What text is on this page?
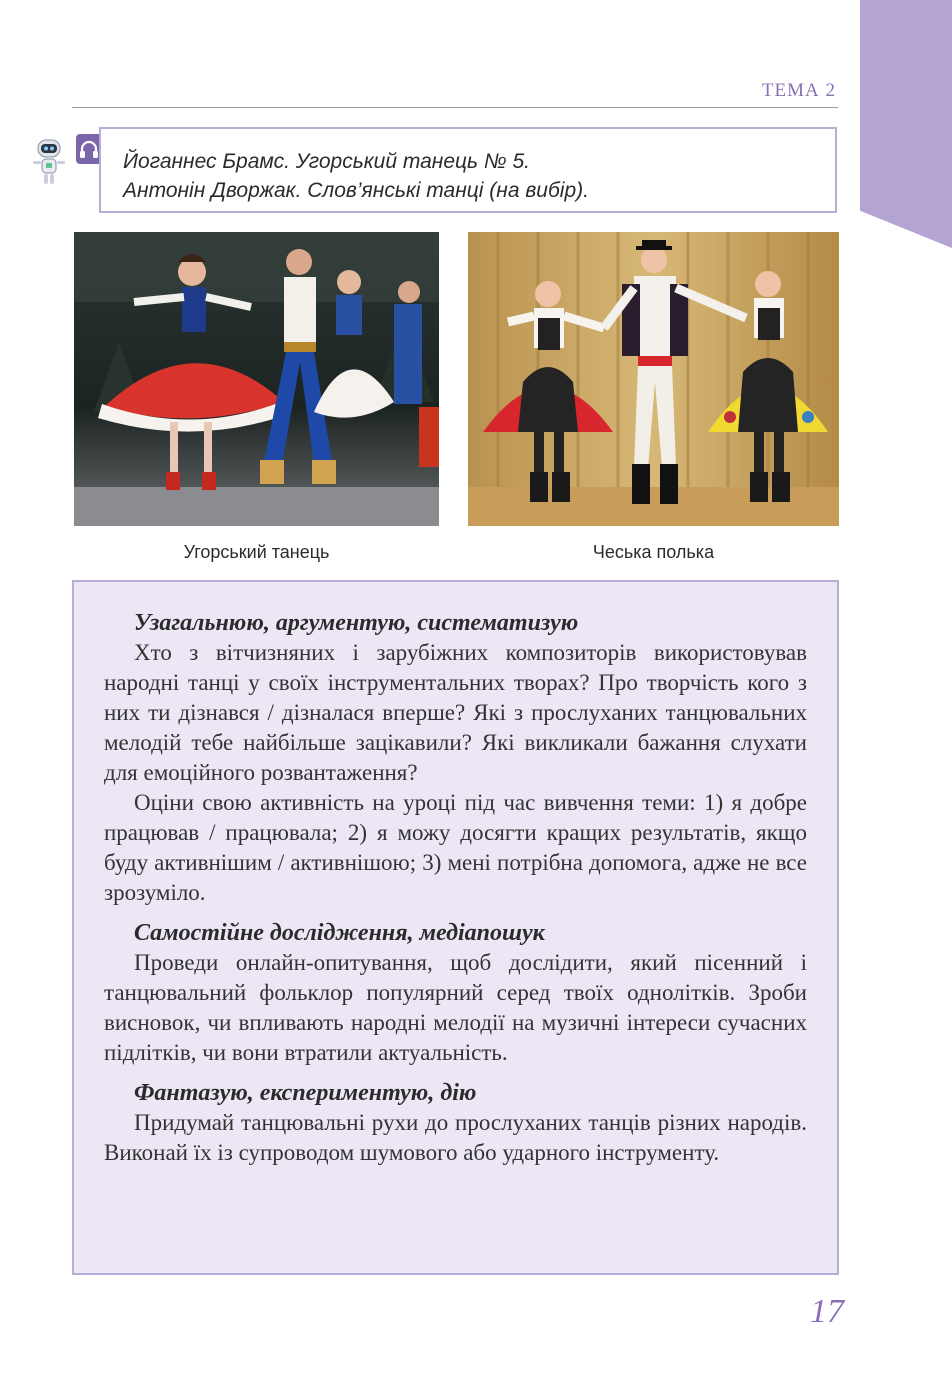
ТЕМА 2
Йоганнес Брамс. Угорський танець № 5.
Антонін Дворжак. Слов’янські танці (на вибір).
Угорський танець	Чеська полька

Узагальнюю, аргументую, систематизую

Хто з вітчизняних і зарубіжних композиторів використовував народні танці у своїх інструментальних творах? Про творчість кого з них ти дізнався / дізналася вперше? Які з прослуханих танцювальних мелодій тебе найбільше зацікавили? Які викликали бажання слухати для емоційного розвантаження?

Оціни свою активність на уроці під час вивчення теми: 1) я добре працював / працювала; 2) я можу досягти кращих результатів, якщо буду активнішим / активнішою; 3) мені потрібна допомога, адже не все зрозуміло.

Самостійне дослідження, медіапошук

Проведи онлайн-опитування, щоб дослідити, який пісенний і танцювальний фольклор популярний серед твоїх однолітків. Зроби висновок, чи впливають народні мелодії на музичні інтереси сучасних підлітків, чи вони втратили актуальність.

Фантазую, експериментую, дію

Придумай танцювальні рухи до прослуханих танців різних народів. Виконай їх із супроводом шумового або ударного інструменту.

17
